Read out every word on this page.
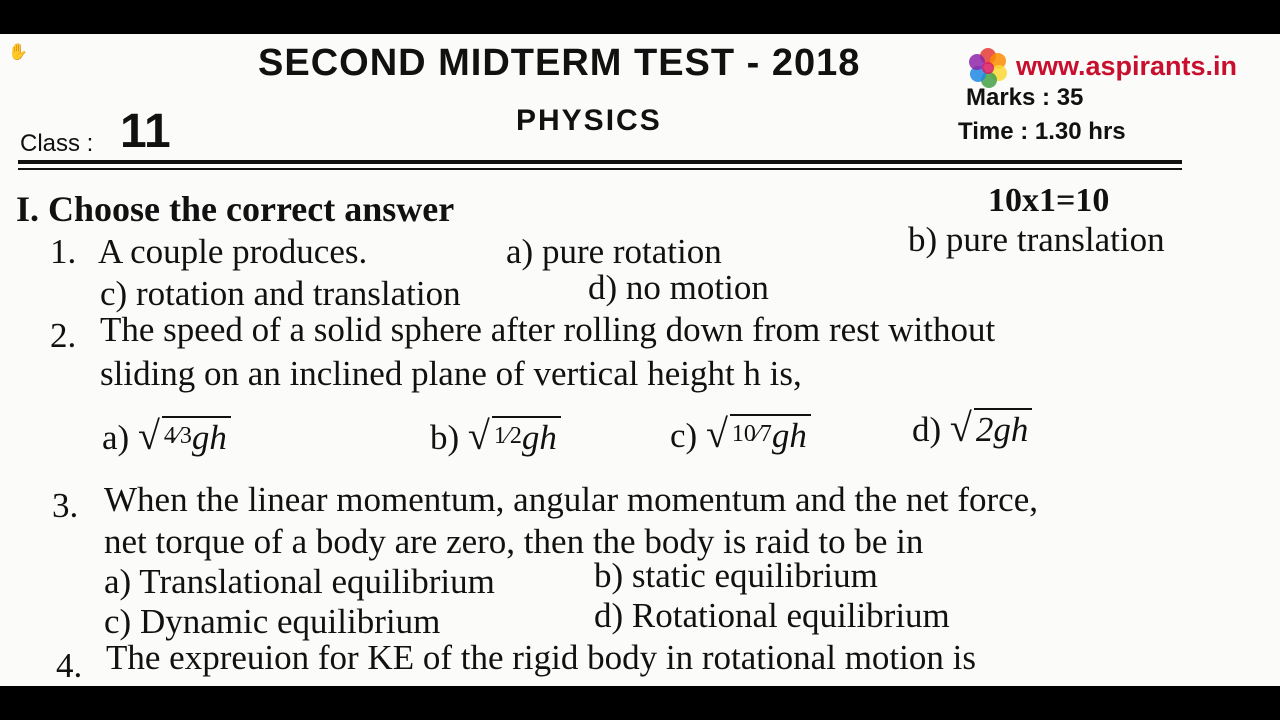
✋	SECOND MIDTERM TEST - 2018	www.aspirants.in
Marks : 35
PHYSICS	Time : 1.30 hrs
Class : 11
I. Choose the correct answer	10x1=10
1. A couple produces.	a) pure rotation	b) pure translation
c) rotation and translation	d) no motion
2. The speed of a solid sphere after rolling down from rest without
sliding on an inclined plane of vertical height h is,
a) √ 4⁄3gh	b) √ 1⁄2gh	c) √ 10⁄7gh	d) √ 2gh
3. When the linear momentum, angular momentum and the net force,
net torque of a body are zero, then the body is raid to be in
a) Translational equilibrium	b) static equilibrium
c) Dynamic equilibrium	d) Rotational equilibrium
4. The expreuion for KE of the rigid body in rotational motion is
